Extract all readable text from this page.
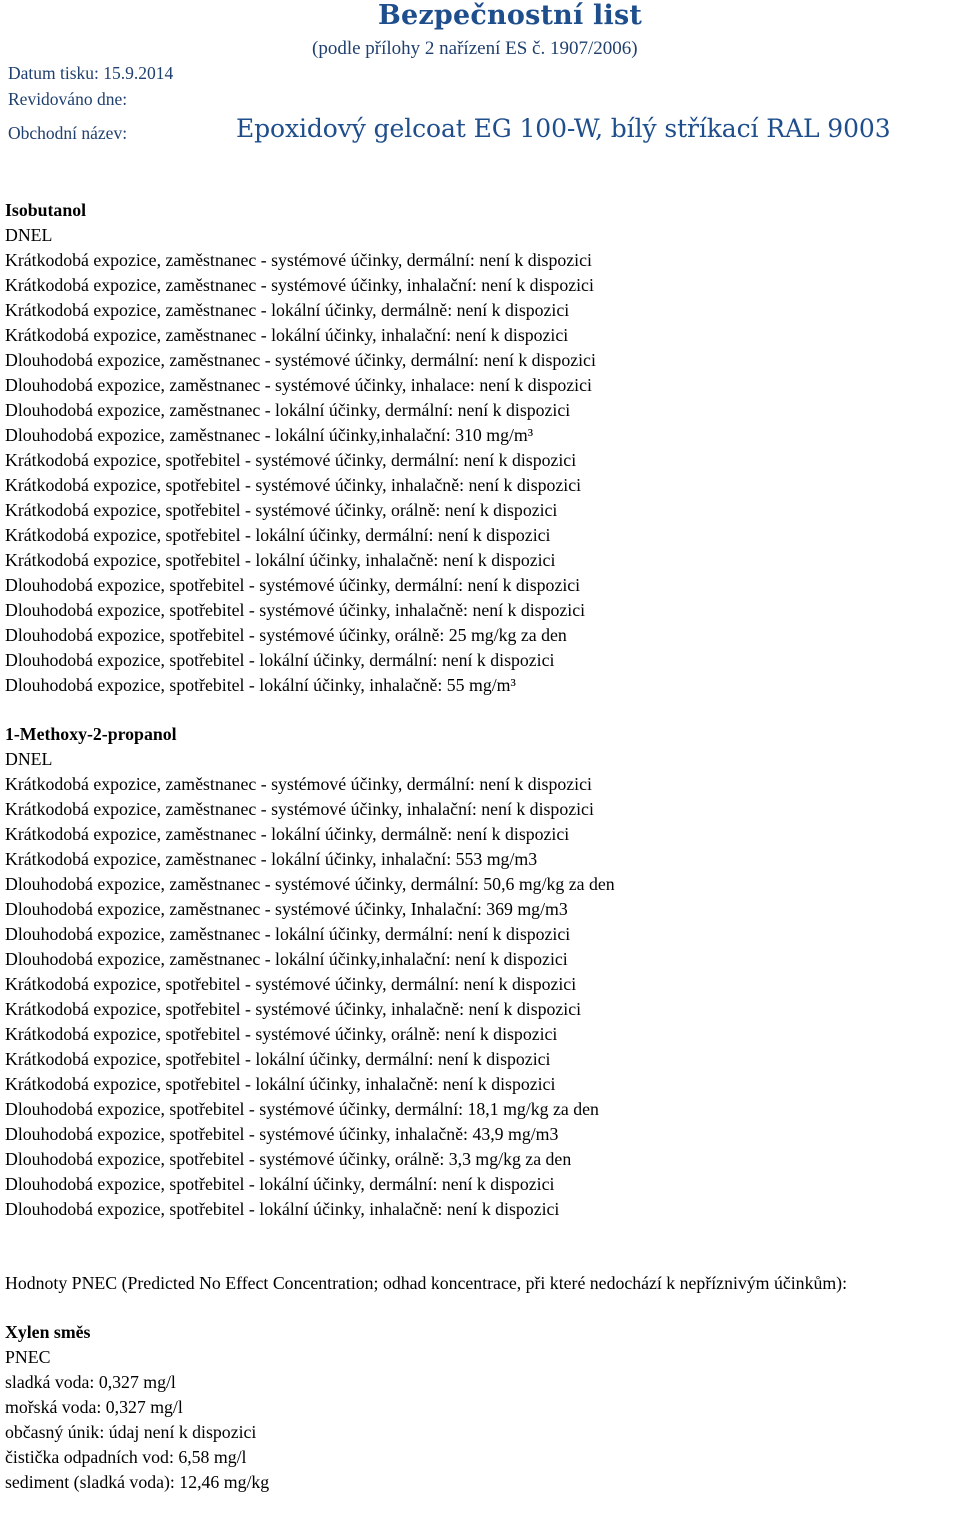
Bezpečnostní list
(podle přílohy 2 nařízení ES č. 1907/2006)
Datum tisku: 15.9.2014
Revidováno dne:
Obchodní název:	Epoxidový gelcoat EG 100-W, bílý stříkací RAL 9003
Isobutanol
DNEL
Krátkodobá expozice, zaměstnanec - systémové účinky, dermální: není k dispozici
Krátkodobá expozice, zaměstnanec - systémové účinky, inhalační: není k dispozici
Krátkodobá expozice, zaměstnanec - lokální účinky, dermálně: není k dispozici
Krátkodobá expozice, zaměstnanec - lokální účinky, inhalační: není k dispozici
Dlouhodobá expozice, zaměstnanec - systémové účinky, dermální: není k dispozici
Dlouhodobá expozice, zaměstnanec - systémové účinky, inhalace: není k dispozici
Dlouhodobá expozice, zaměstnanec - lokální účinky, dermální: není k dispozici
Dlouhodobá expozice, zaměstnanec - lokální účinky,inhalační: 310 mg/m³
Krátkodobá expozice, spotřebitel - systémové účinky, dermální: není k dispozici
Krátkodobá expozice, spotřebitel - systémové účinky, inhalačně: není k dispozici
Krátkodobá expozice, spotřebitel - systémové účinky, orálně: není k dispozici
Krátkodobá expozice, spotřebitel - lokální účinky, dermální: není k dispozici
Krátkodobá expozice, spotřebitel - lokální účinky, inhalačně: není k dispozici
Dlouhodobá expozice, spotřebitel - systémové účinky, dermální: není k dispozici
Dlouhodobá expozice, spotřebitel - systémové účinky, inhalačně: není k dispozici
Dlouhodobá expozice, spotřebitel - systémové účinky, orálně: 25 mg/kg za den
Dlouhodobá expozice, spotřebitel - lokální účinky, dermální: není k dispozici
Dlouhodobá expozice, spotřebitel - lokální účinky, inhalačně: 55 mg/m³
1-Methoxy-2-propanol
DNEL
Krátkodobá expozice, zaměstnanec - systémové účinky, dermální: není k dispozici
Krátkodobá expozice, zaměstnanec - systémové účinky, inhalační: není k dispozici
Krátkodobá expozice, zaměstnanec - lokální účinky, dermálně: není k dispozici
Krátkodobá expozice, zaměstnanec - lokální účinky, inhalační: 553 mg/m3
Dlouhodobá expozice, zaměstnanec - systémové účinky, dermální: 50,6 mg/kg za den
Dlouhodobá expozice, zaměstnanec - systémové účinky, Inhalační: 369 mg/m3
Dlouhodobá expozice, zaměstnanec - lokální účinky, dermální: není k dispozici
Dlouhodobá expozice, zaměstnanec - lokální účinky,inhalační: není k dispozici
Krátkodobá expozice, spotřebitel - systémové účinky, dermální: není k dispozici
Krátkodobá expozice, spotřebitel - systémové účinky, inhalačně: není k dispozici
Krátkodobá expozice, spotřebitel - systémové účinky, orálně: není k dispozici
Krátkodobá expozice, spotřebitel - lokální účinky, dermální: není k dispozici
Krátkodobá expozice, spotřebitel - lokální účinky, inhalačně: není k dispozici
Dlouhodobá expozice, spotřebitel - systémové účinky, dermální: 18,1 mg/kg za den
Dlouhodobá expozice, spotřebitel - systémové účinky, inhalačně: 43,9 mg/m3
Dlouhodobá expozice, spotřebitel - systémové účinky, orálně: 3,3 mg/kg za den
Dlouhodobá expozice, spotřebitel - lokální účinky, dermální: není k dispozici
Dlouhodobá expozice, spotřebitel - lokální účinky, inhalačně: není k dispozici
Hodnoty PNEC (Predicted No Effect Concentration; odhad koncentrace, při které nedochází k nepříznivým účinkům):
Xylen směs
PNEC
sladká voda: 0,327 mg/l
mořská voda: 0,327 mg/l
občasný únik: údaj není k dispozici
čistička odpadních vod: 6,58 mg/l
sediment (sladká voda): 12,46 mg/kg
